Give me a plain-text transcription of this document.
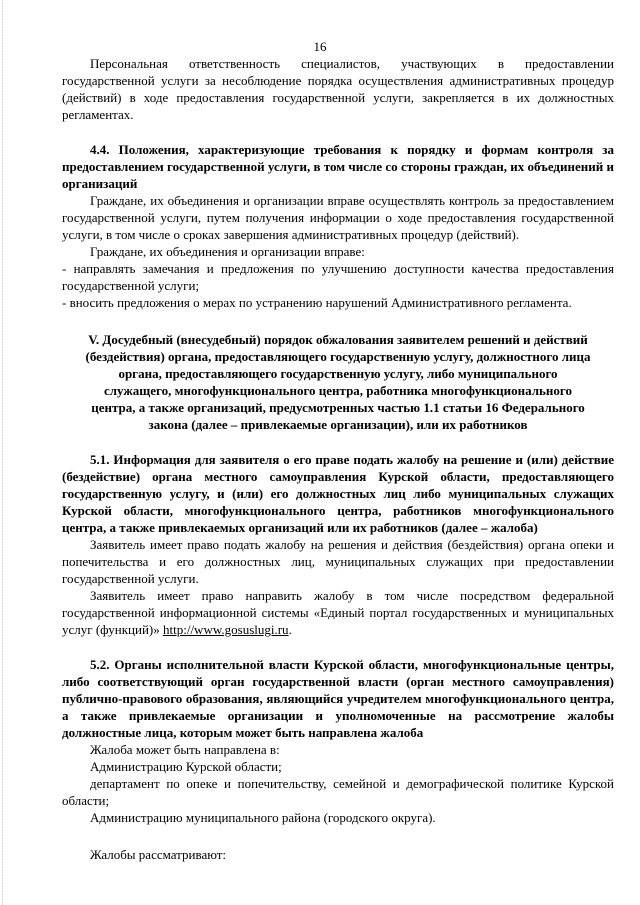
16

Персональная ответственность специалистов, участвующих в предоставлении государственной услуги за несоблюдение порядка осуществления административных процедур (действий) в ходе предоставления государственной услуги, закрепляется в их должностных регламентах.

4.4. Положения, характеризующие требования к порядку и формам контроля за предоставлением государственной услуги, в том числе со стороны граждан, их объединений и организаций

Граждане, их объединения и организации вправе осуществлять контроль за предоставлением государственной услуги, путем получения информации о ходе предоставления государственной услуги, в том числе о сроках завершения административных процедур (действий).

Граждане, их объединения и организации вправе:

- направлять замечания и предложения по улучшению доступности качества предоставления государственной услуги;

- вносить предложения о мерах по устранению нарушений Административного регламента.

V. Досудебный (внесудебный) порядок обжалования заявителем решений и действий (бездействия) органа, предоставляющего государственную услугу, должностного лица органа, предоставляющего государственную услугу, либо муниципального служащего, многофункционального центра, работника многофункционального центра, а также организаций, предусмотренных частью 1.1 статьи 16 Федерального закона (далее – привлекаемые организации), или их работников

5.1. Информация для заявителя о его праве подать жалобу на решение и (или) действие (бездействие) органа местного самоуправления Курской области, предоставляющего государственную услугу, и (или) его должностных лиц либо муниципальных служащих Курской области, многофункционального центра, работников многофункционального центра, а также привлекаемых организаций или их работников (далее – жалоба)

Заявитель имеет право подать жалобу на решения и действия (бездействия) органа опеки и попечительства и его должностных лиц, муниципальных служащих при предоставлении государственной услуги.

Заявитель имеет право направить жалобу в том числе посредством федеральной государственной информационной системы «Единый портал государственных и муниципальных услуг (функций)» http://www.gosuslugi.ru.

5.2. Органы исполнительной власти Курской области, многофункциональные центры, либо соответствующий орган государственной власти (орган местного самоуправления) публично-правового образования, являющийся учредителем многофункционального центра, а также привлекаемые организации и уполномоченные на рассмотрение жалобы должностные лица, которым может быть направлена жалоба

Жалоба может быть направлена в:

Администрацию Курской области;

департамент по опеке и попечительству, семейной и демографической политике Курской области;

Администрацию муниципального района (городского округа).

Жалобы рассматривают:
